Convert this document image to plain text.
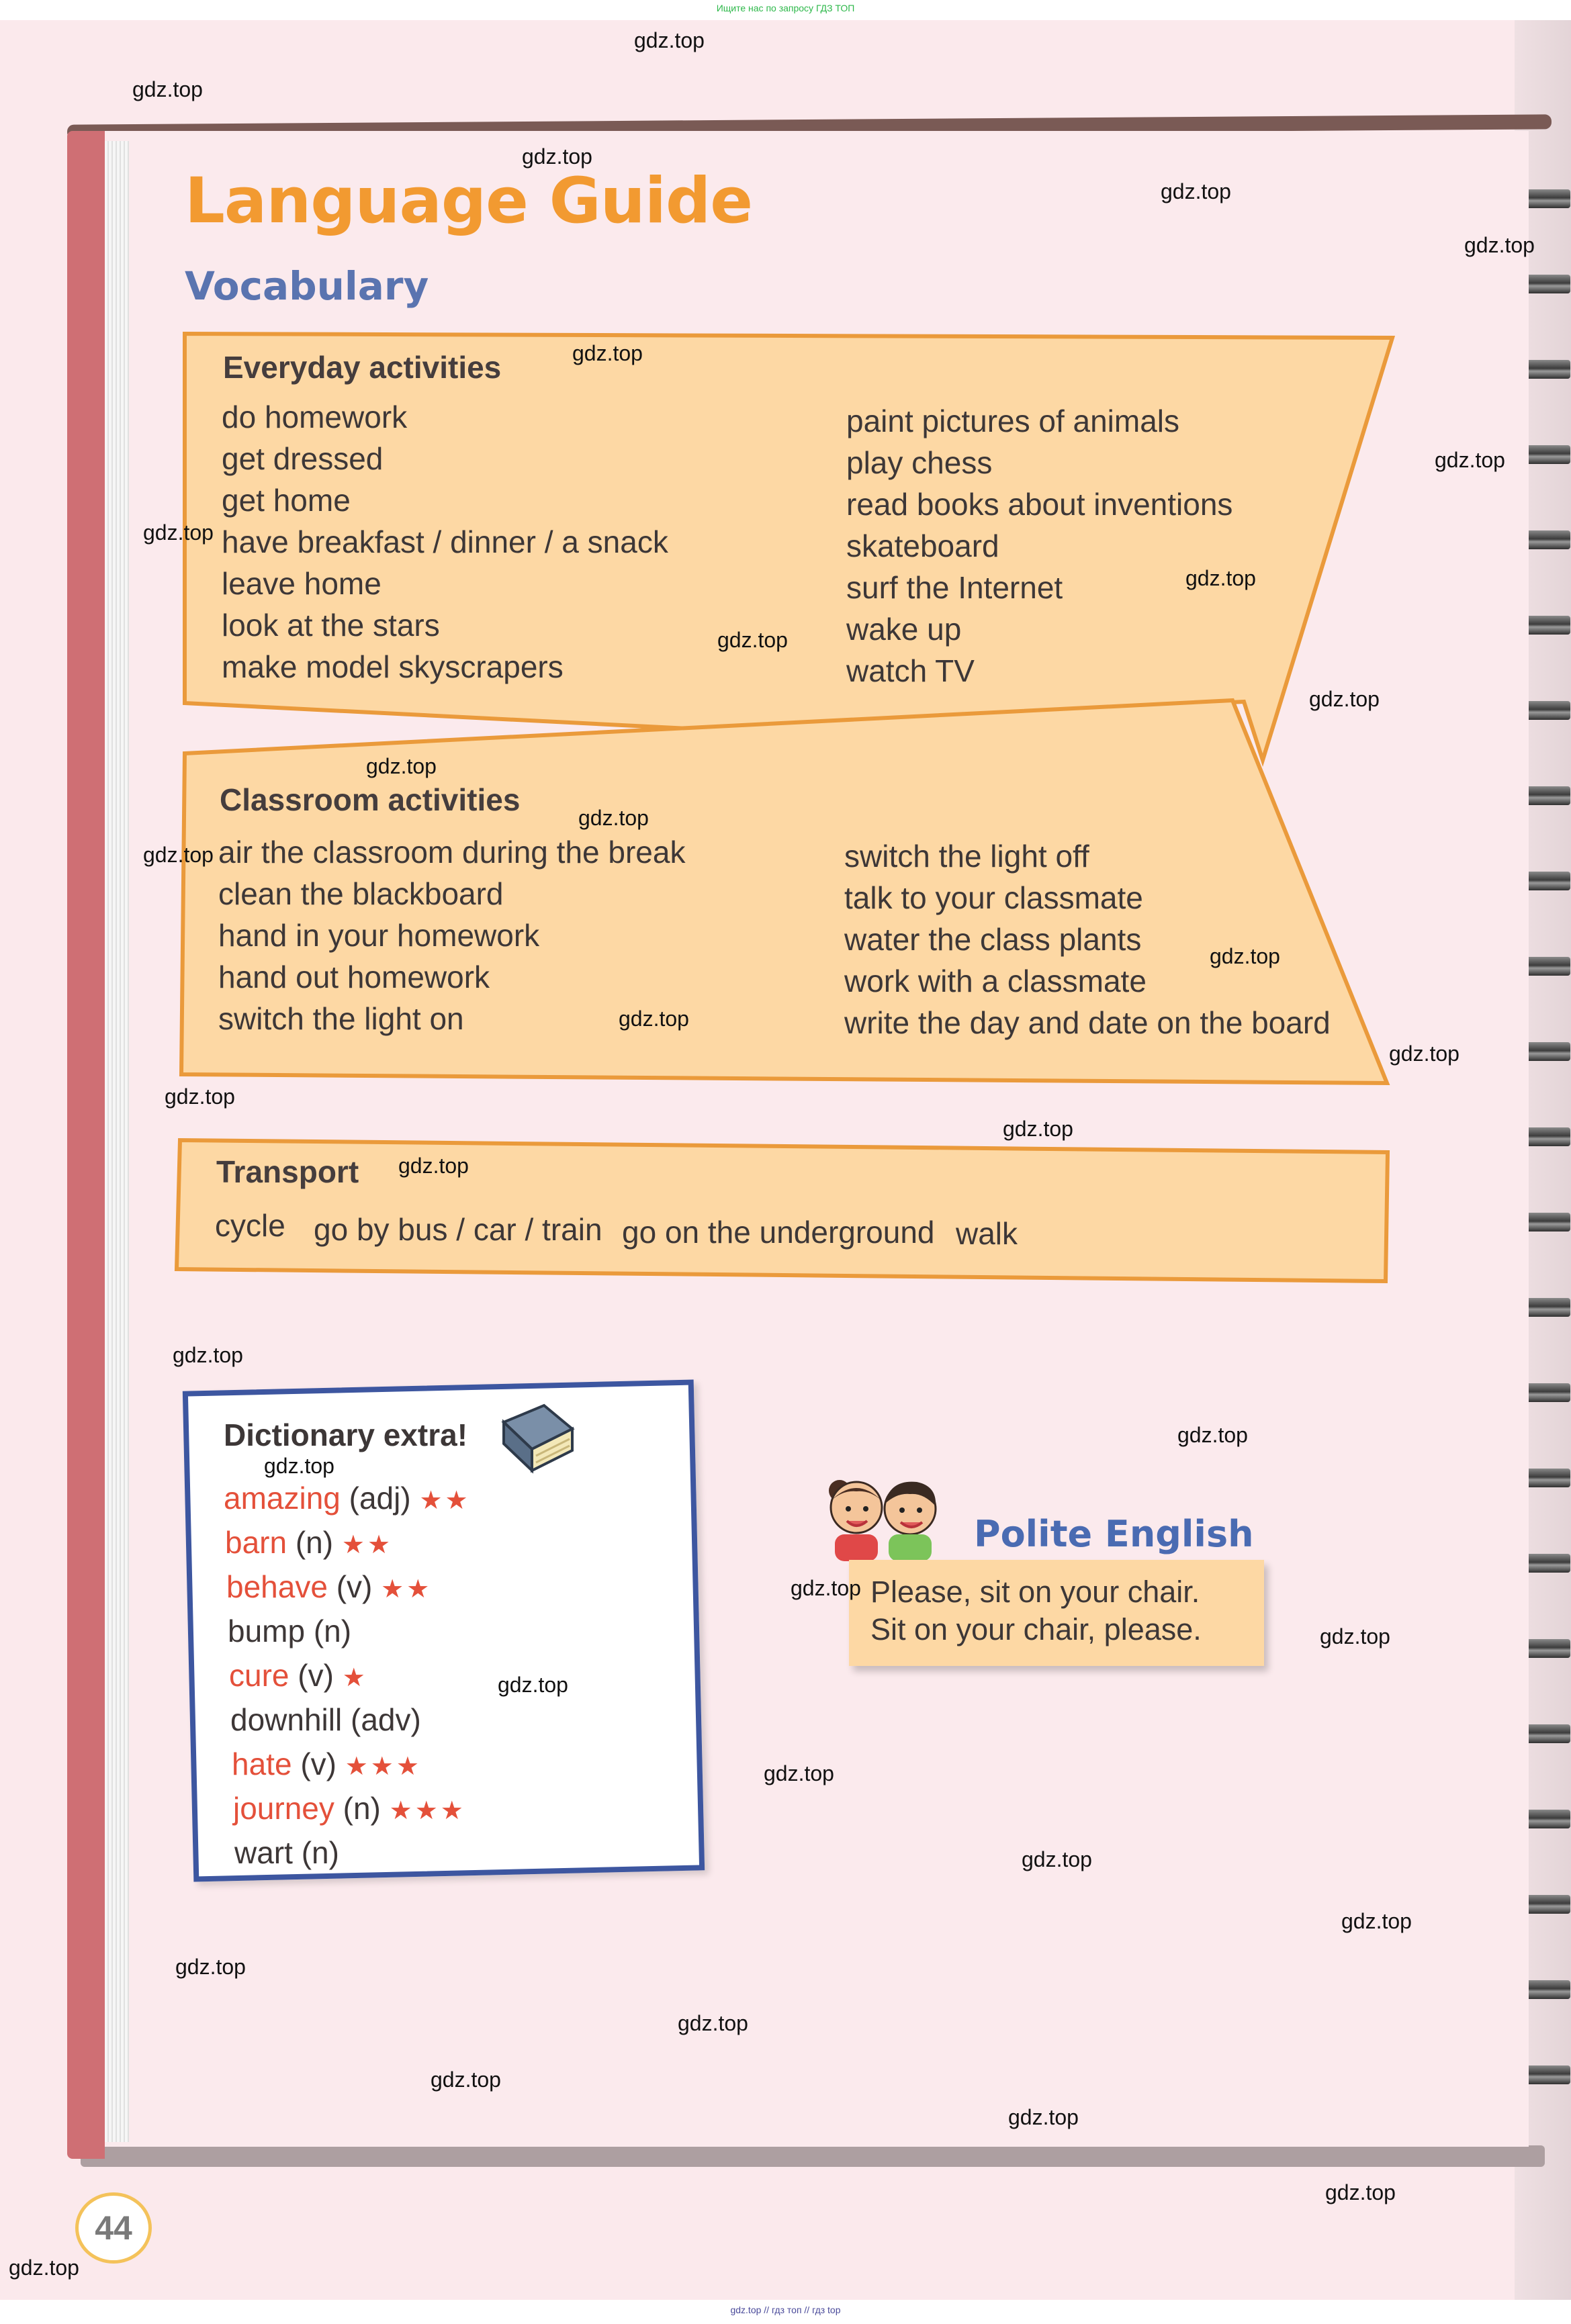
Ищите нас по запросу ГДЗ ТОП
Language Guide
Vocabulary
Everyday activities
do homework
get dressed
get home
have breakfast / dinner / a snack
leave home
look at the stars
make model skyscrapers
paint pictures of animals
play chess
read books about inventions
skateboard
surf the Internet
wake up
watch TV
Classroom activities
air the classroom during the break
clean the blackboard
hand in your homework
hand out homework
switch the light on
switch the light off
talk to your classmate
water the class plants
work with a classmate
write the day and date on the board
Transport
cycle go by bus / car / train go on the underground walk
Dictionary extra!
amazing (adj) ★★
barn (n) ★★
behave (v) ★★
bump (n)
cure (v) ★
downhill (adv)
hate (v) ★★★
journey (n) ★★★
wart (n)
Polite English
Please, sit on your chair.
Sit on your chair, please.
44
gdz.top
gdz.top
gdz.top
gdz.top
gdz.top
gdz.top
gdz.top
gdz.top
gdz.top
gdz.top
gdz.top
gdz.top
gdz.top
gdz.top
gdz.top
gdz.top
gdz.top
gdz.top
gdz.top
gdz.top
gdz.top
gdz.top
gdz.top
gdz.top
gdz.top
gdz.top
gdz.top
gdz.top
gdz.top
gdz.top
gdz.top
gdz.top
gdz.top
gdz.top
gdz.top
gdz.top // гдз топ // гдз top
